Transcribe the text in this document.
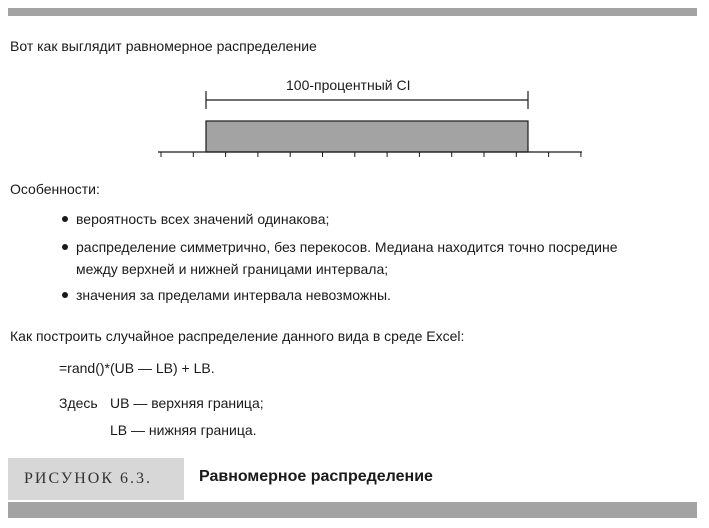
Вот как выглядит равномерное распределение
100-процентный CI
Особенности:
вероятность всех значений одинакова;
распределение симметрично, без перекосов. Медиана находится точно посредине
между верхней и нижней границами интервала;
значения за пределами интервала невозможны.
Как построить случайное распределение данного вида в среде Excel:
=rand()*(UB — LB) + LB.
Здесь UB — верхняя граница;
LB — нижняя граница.
РИСУНОК 6.3.	Равномерное распределение
